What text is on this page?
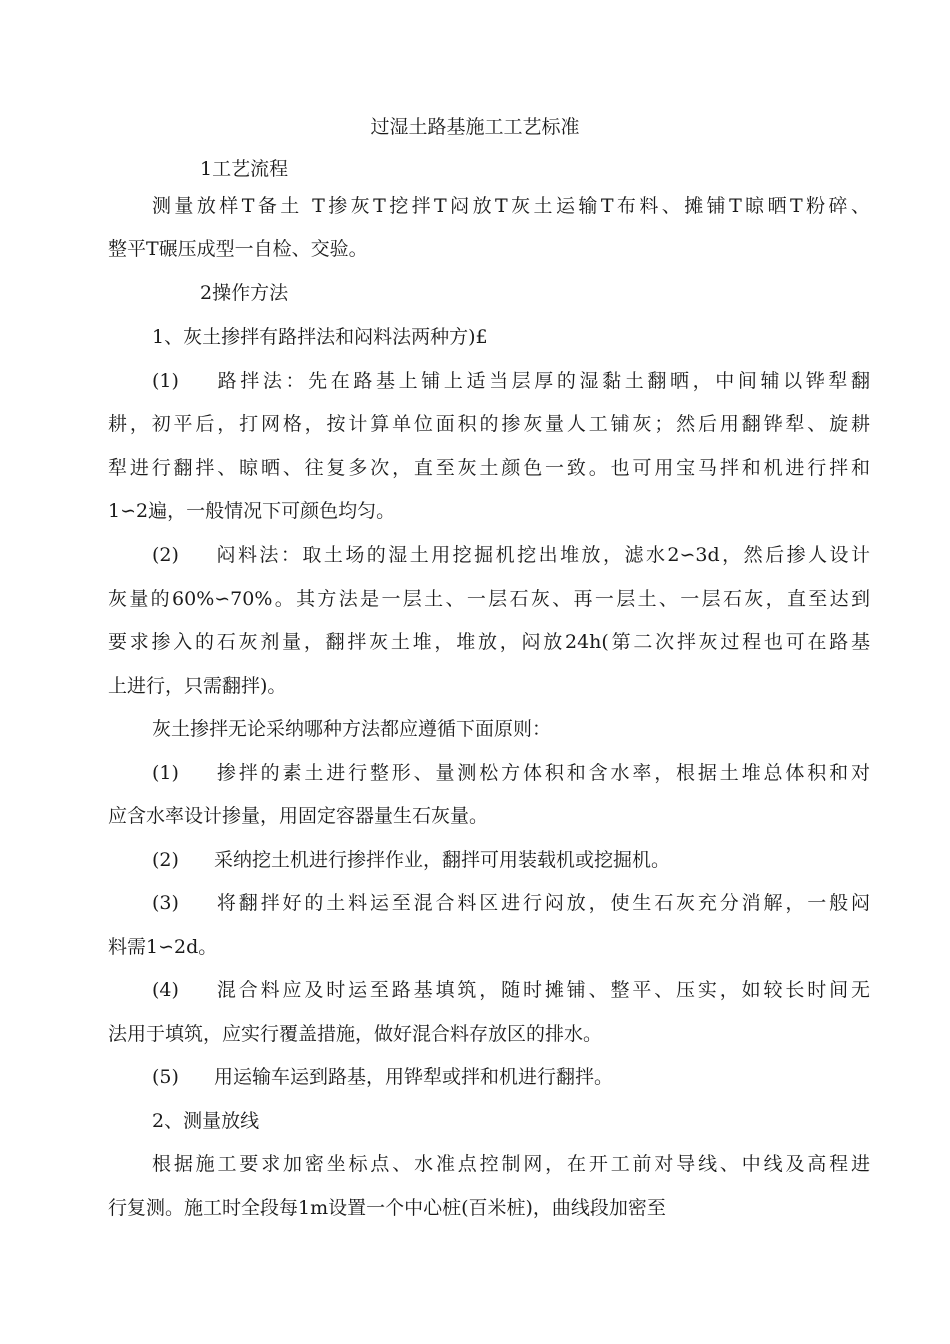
过湿土路基施工工艺标准
1工艺流程
测量放样T备土 T掺灰T挖拌T闷放T灰土运输T布料、摊铺T晾晒T粉碎、
整平T碾压成型一自检、交验。
2操作方法
1、灰土掺拌有路拌法和闷料法两种方)£
(1) 路拌法：先在路基上铺上适当层厚的湿黏土翻晒，中间辅以铧犁翻
耕，初平后，打网格，按计算单位面积的掺灰量人工铺灰；然后用翻铧犁、旋耕
犁进行翻拌、晾晒、往复多次，直至灰土颜色一致。也可用宝马拌和机进行拌和
1∽2遍，一般情况下可颜色均匀。
(2) 闷料法：取土场的湿土用挖掘机挖出堆放，滤水2∽3d，然后掺人设计
灰量的60%∽70%。其方法是一层土、一层石灰、再一层土、一层石灰，直至达到
要求掺入的石灰剂量，翻拌灰土堆，堆放，闷放24h(第二次拌灰过程也可在路基
上进行，只需翻拌)。
灰土掺拌无论采纳哪种方法都应遵循下面原则：
(1) 掺拌的素土进行整形、量测松方体积和含水率，根据土堆总体积和对
应含水率设计掺量，用固定容器量生石灰量。
(2) 采纳挖土机进行掺拌作业，翻拌可用装载机或挖掘机。
(3) 将翻拌好的土料运至混合料区进行闷放，使生石灰充分消解，一般闷
料需1∽2d。
(4) 混合料应及时运至路基填筑，随时摊铺、整平、压实，如较长时间无
法用于填筑，应实行覆盖措施，做好混合料存放区的排水。
(5) 用运输车运到路基，用铧犁或拌和机进行翻拌。
2、测量放线
根据施工要求加密坐标点、水准点控制网，在开工前对导线、中线及高程进
行复测。施工时全段每1m设置一个中心桩(百米桩)，曲线段加密至
